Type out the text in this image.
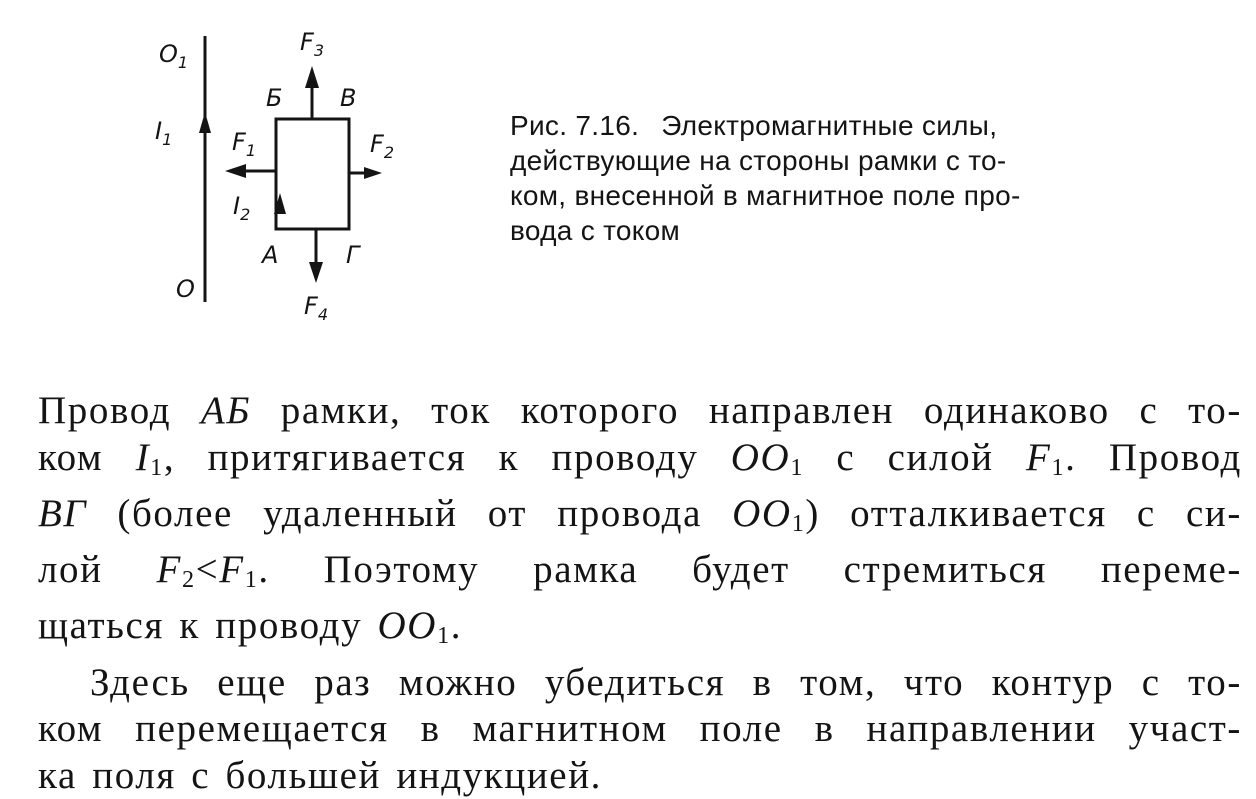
$O_1$
O
$I_1$
$I_2$
$F_1$	$F_2$
$F_3$
$F_4$
Б В
А	Г
Рис. 7.16. Электромагнитные силы,
действующие на стороны рамки с то-
ком, внесенной в магнитное поле про-
вода с током
Провод АБ рамки, ток которого направлен одинаково с то-
ком $I_1$, притягивается к проводу $OO_1$ с силой $F_1$. Провод
ВГ (более удаленный от провода $OO_1$) отталкивается с си-
лой $F_2<F_1$. Поэтому рамка будет стремиться переме-
щаться к проводу $OO_1$.
Здесь еще раз можно убедиться в том, что контур с то-
ком перемещается в магнитном поле в направлении участ-
ка поля с большей индукцией.
